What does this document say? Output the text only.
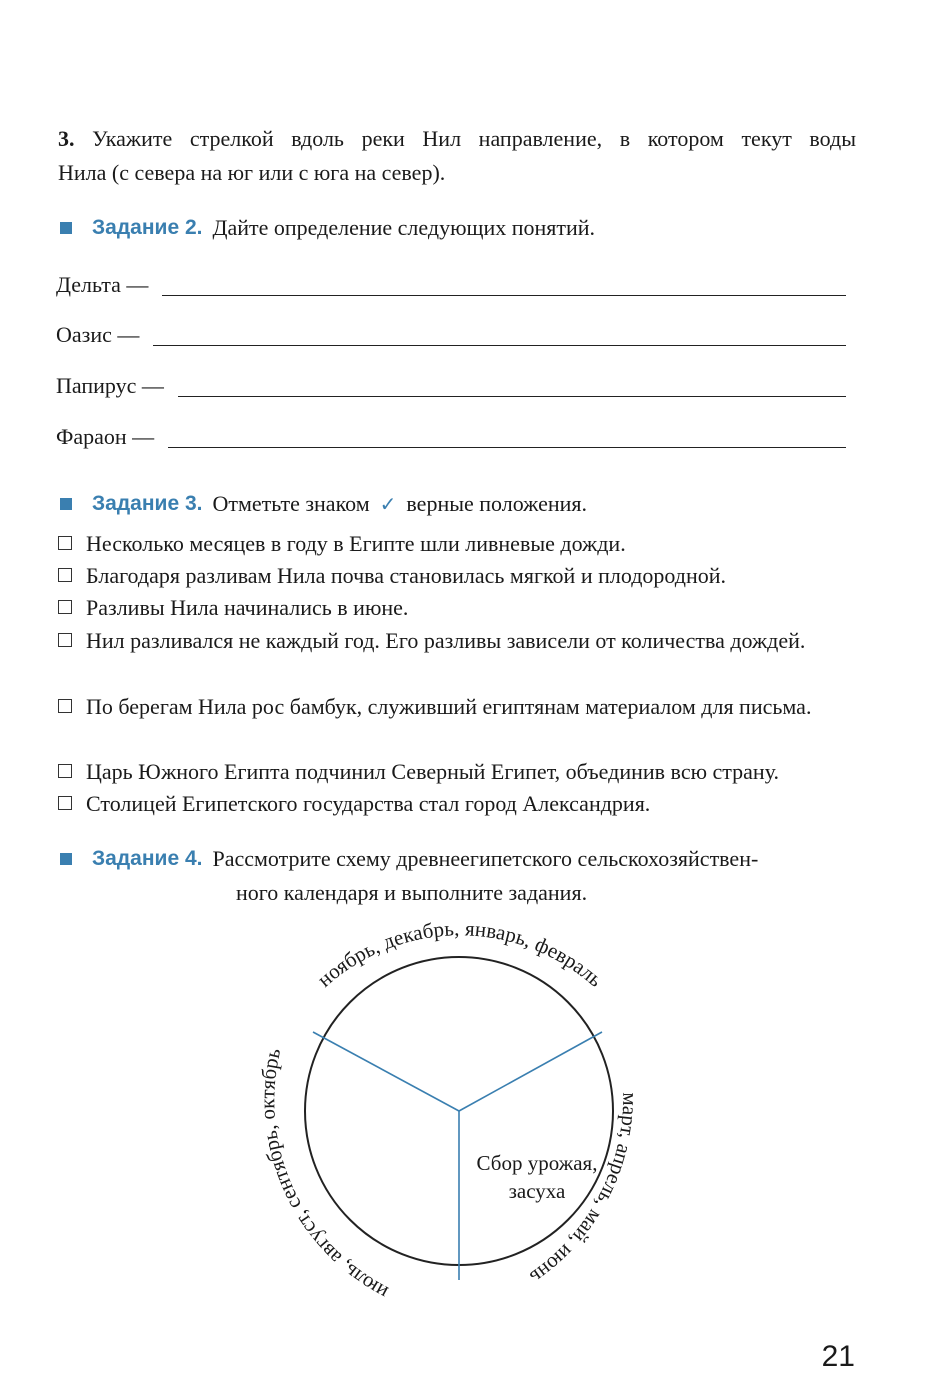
3. Укажите стрелкой вдоль реки Нил направление, в котором текут воды
Нила (с севера на юг или с юга на север).
Задание 2. Дайте определение следующих понятий.
Дельта —
Оазис —
Папирус —
Фараон —
Задание 3. Отметьте знаком ✓ верные положения.
Несколько месяцев в году в Египте шли ливневые дожди.
Благодаря разливам Нила почва становилась мягкой и плодородной.
Разливы Нила начинались в июне.
Нил разливался не каждый год. Его разливы зависели от количества дождей.
По берегам Нила рос бамбук, служивший египтянам материалом для письма.
Царь Южного Египта подчинил Северный Египет, объединив всю страну.
Столицей Египетского государства стал город Александрия.
Задание 4. Рассмотрите схему древнеегипетского сельскохозяйствен-
ного календаря и выполните задания.
ноябрь, декабрь, январь, февраль
март, апрель, май, июнь
июль, август, сентябрь, октябрь
Сбор урожая,
засуха
21
